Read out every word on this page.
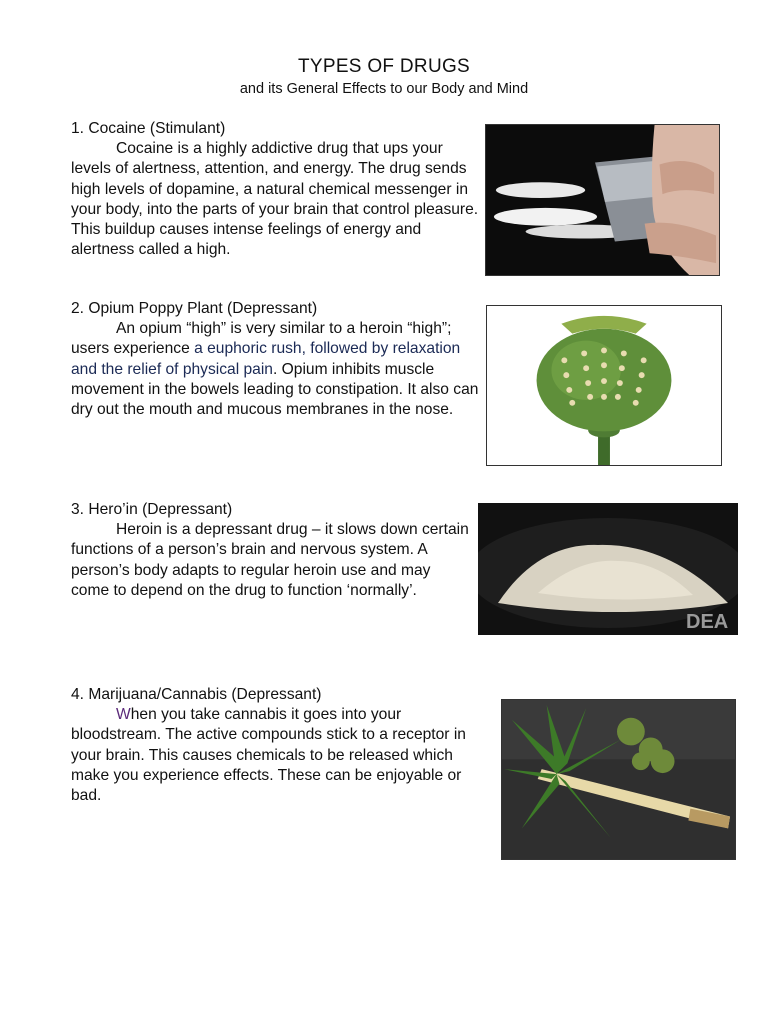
TYPES OF DRUGS
and its General Effects to our Body and Mind
1. Cocaine (Stimulant)
Cocaine is a highly addictive drug that ups your levels of alertness, attention, and energy. The drug sends high levels of dopamine, a natural chemical messenger in your body, into the parts of your brain that control pleasure. This buildup causes intense feelings of energy and alertness called a high.
2. Opium Poppy Plant (Depressant)
An opium “high” is very similar to a heroin “high”; users experience a euphoric rush, followed by relaxation and the relief of physical pain. Opium inhibits muscle movement in the bowels leading to constipation. It also can dry out the mouth and mucous membranes in the nose.
3. Hero’in (Depressant)
Heroin is a depressant drug – it slows down certain functions of a person’s brain and nervous system. A person’s body adapts to regular heroin use and may come to depend on the drug to function ‘normally’.
DEA
4. Marijuana/Cannabis (Depressant)
When you take cannabis it goes into your bloodstream. The active compounds stick to a receptor in your brain. This causes chemicals to be released which make you experience effects. These can be enjoyable or bad.
